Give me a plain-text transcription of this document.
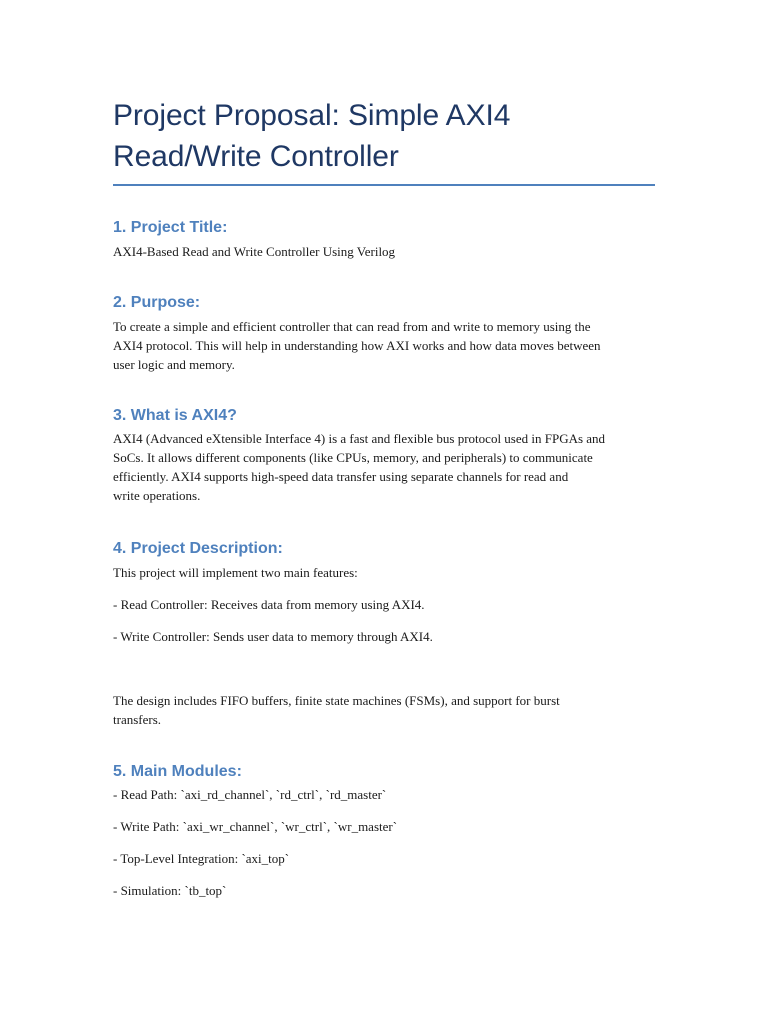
Project Proposal: Simple AXI4
Read/Write Controller
1. Project Title:

AXI4-Based Read and Write Controller Using Verilog

2. Purpose:

To create a simple and efficient controller that can read from and write to memory using the
AXI4 protocol. This will help in understanding how AXI works and how data moves between
user logic and memory.

3. What is AXI4?

AXI4 (Advanced eXtensible Interface 4) is a fast and flexible bus protocol used in FPGAs and
SoCs. It allows different components (like CPUs, memory, and peripherals) to communicate
efficiently. AXI4 supports high-speed data transfer using separate channels for read and
write operations.

4. Project Description:

This project will implement two main features:

- Read Controller: Receives data from memory using AXI4.

- Write Controller: Sends user data to memory through AXI4.

The design includes FIFO buffers, finite state machines (FSMs), and support for burst
transfers.

5. Main Modules:

- Read Path: `axi_rd_channel`, `rd_ctrl`, `rd_master`

- Write Path: `axi_wr_channel`, `wr_ctrl`, `wr_master`

- Top-Level Integration: `axi_top`

- Simulation: `tb_top`
